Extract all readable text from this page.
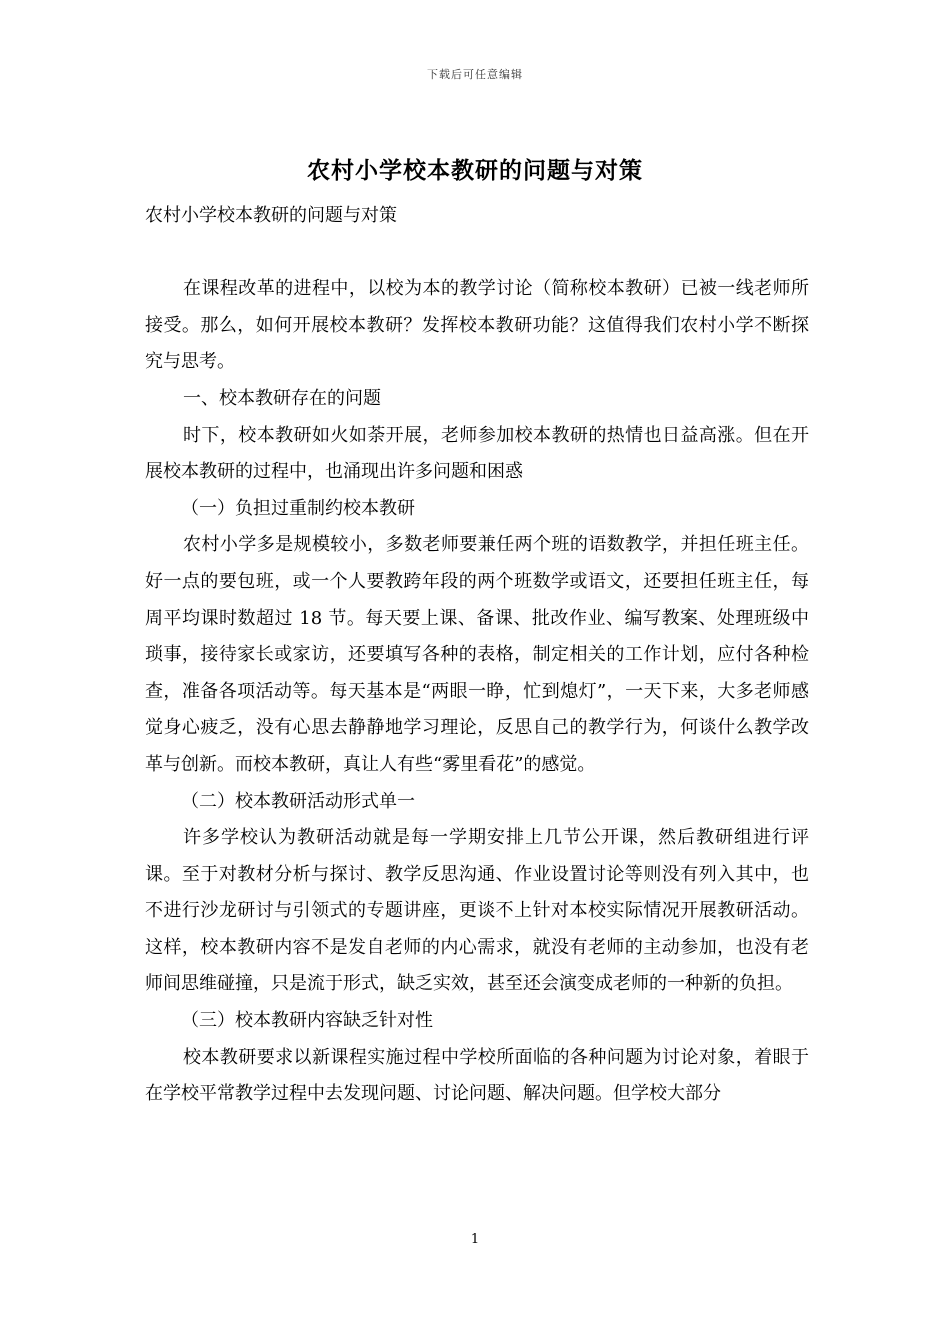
下载后可任意编辑
农村小学校本教研的问题与对策

农村小学校本教研的问题与对策

在课程改革的进程中，以校为本的教学讨论（简称校本教研）已被一线老师所接受。那么，如何开展校本教研？发挥校本教研功能？这值得我们农村小学不断探究与思考。

一、校本教研存在的问题

时下，校本教研如火如荼开展，老师参加校本教研的热情也日益高涨。但在开展校本教研的过程中，也涌现出许多问题和困惑

（一）负担过重制约校本教研

农村小学多是规模较小，多数老师要兼任两个班的语数教学，并担任班主任。好一点的要包班，或一个人要教跨年段的两个班数学或语文，还要担任班主任，每周平均课时数超过 18 节。每天要上课、备课、批改作业、编写教案、处理班级中琐事，接待家长或家访，还要填写各种的表格，制定相关的工作计划，应付各种检查，准备各项活动等。每天基本是“两眼一睁，忙到熄灯”，一天下来，大多老师感觉身心疲乏，没有心思去静静地学习理论，反思自己的教学行为，何谈什么教学改革与创新。而校本教研，真让人有些“雾里看花”的感觉。

（二）校本教研活动形式单一

许多学校认为教研活动就是每一学期安排上几节公开课，然后教研组进行评课。至于对教材分析与探讨、教学反思沟通、作业设置讨论等则没有列入其中，也不进行沙龙研讨与引领式的专题讲座，更谈不上针对本校实际情况开展教研活动。这样，校本教研内容不是发自老师的内心需求，就没有老师的主动参加，也没有老师间思维碰撞，只是流于形式，缺乏实效，甚至还会演变成老师的一种新的负担。

（三）校本教研内容缺乏针对性

校本教研要求以新课程实施过程中学校所面临的各种问题为讨论对象，着眼于在学校平常教学过程中去发现问题、讨论问题、解决问题。但学校大部分

1
